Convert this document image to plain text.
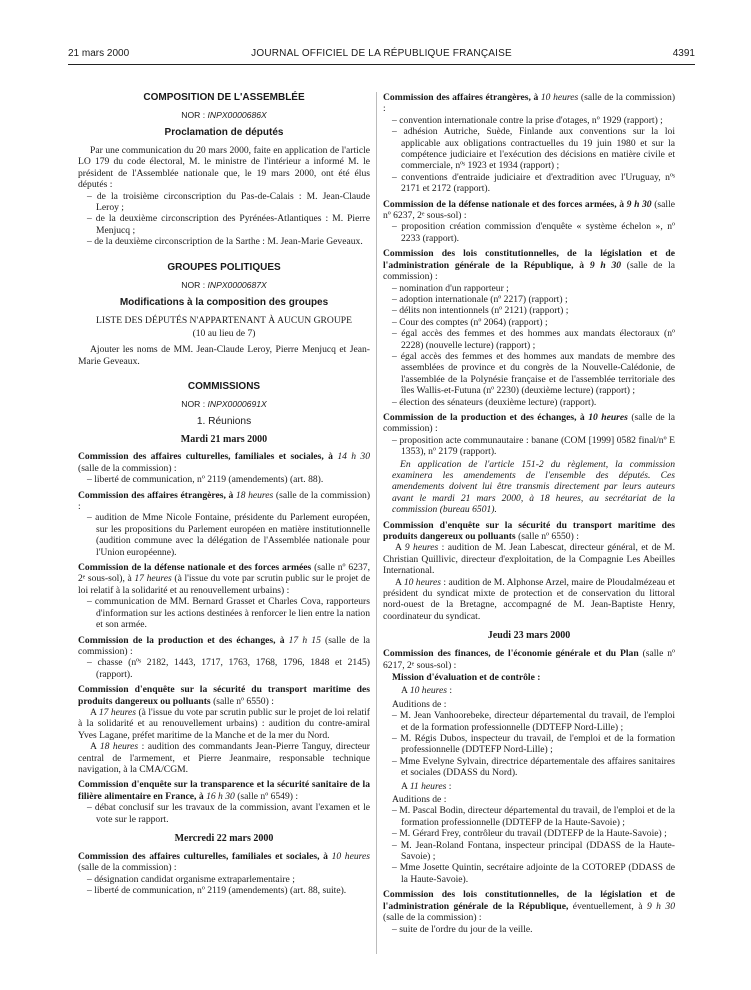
21 mars 2000	JOURNAL OFFICIEL DE LA RÉPUBLIQUE FRANÇAISE	4391

COMPOSITION DE L'ASSEMBLÉE

NOR : INPX0000686X

Proclamation de députés

Par une communication du 20 mars 2000, faite en application de l'article LO 179 du code électoral, M. le ministre de l'intérieur a informé M. le président de l'Assemblée nationale que, le 19 mars 2000, ont été élus députés :

– de la troisième circonscription du Pas-de-Calais : M. Jean-Claude Leroy ;

– de la deuxième circonscription des Pyrénées-Atlantiques : M. Pierre Menjucq ;

– de la deuxième circonscription de la Sarthe : M. Jean-Marie Geveaux.

GROUPES POLITIQUES

NOR : INPX0000687X

Modifications à la composition des groupes

LISTE DES DÉPUTÉS N'APPARTENANT À AUCUN GROUPE

(10 au lieu de 7)

Ajouter les noms de MM. Jean-Claude Leroy, Pierre Menjucq et Jean-Marie Geveaux.

COMMISSIONS

NOR : INPX0000691X

1. Réunions

Mardi 21 mars 2000

Commission des affaires culturelles, familiales et sociales, à 14 h 30 (salle de la commission) :

– liberté de communication, nº 2119 (amendements) (art. 88).

Commission des affaires étrangères, à 18 heures (salle de la commission) :

– audition de Mme Nicole Fontaine, présidente du Parlement européen, sur les propositions du Parlement européen en matière institutionnelle (audition commune avec la délégation de l'Assemblée nationale pour l'Union européenne).

Commission de la défense nationale et des forces armées (salle nº 6237, 2ᵉ sous-sol), à 17 heures (à l'issue du vote par scrutin public sur le projet de loi relatif à la solidarité et au renouvellement urbains) :

– communication de MM. Bernard Grasset et Charles Cova, rapporteurs d'information sur les actions destinées à renforcer le lien entre la nation et son armée.

Commission de la production et des échanges, à 17 h 15 (salle de la commission) :

– chasse (nºˢ 2182, 1443, 1717, 1763, 1768, 1796, 1848 et 2145) (rapport).

Commission d'enquête sur la sécurité du transport maritime des produits dangereux ou polluants (salle nº 6550) :

A 17 heures (à l'issue du vote par scrutin public sur le projet de loi relatif à la solidarité et au renouvellement urbains) : audition du contre-amiral Yves Lagane, préfet maritime de la Manche et de la mer du Nord.

A 18 heures : audition des commandants Jean-Pierre Tanguy, directeur central de l'armement, et Pierre Jeanmaire, responsable technique navigation, à la CMA/CGM.

Commission d'enquête sur la transparence et la sécurité sanitaire de la filière alimentaire en France, à 16 h 30 (salle nº 6549) :

– débat conclusif sur les travaux de la commission, avant l'examen et le vote sur le rapport.

Mercredi 22 mars 2000

Commission des affaires culturelles, familiales et sociales, à 10 heures (salle de la commission) :

– désignation candidat organisme extraparlementaire ;

– liberté de communication, nº 2119 (amendements) (art. 88, suite).

Commission des affaires étrangères, à 10 heures (salle de la commission) :

– convention internationale contre la prise d'otages, nº 1929 (rapport) ;

– adhésion Autriche, Suède, Finlande aux conventions sur la loi applicable aux obligations contractuelles du 19 juin 1980 et sur la compétence judiciaire et l'exécution des décisions en matière civile et commerciale, nºˢ 1923 et 1934 (rapport) ;

– conventions d'entraide judiciaire et d'extradition avec l'Uruguay, nºˢ 2171 et 2172 (rapport).

Commission de la défense nationale et des forces armées, à 9 h 30 (salle nº 6237, 2ᵉ sous-sol) :

– proposition création commission d'enquête « système échelon », nº 2233 (rapport).

Commission des lois constitutionnelles, de la législation et de l'administration générale de la République, à 9 h 30 (salle de la commission) :

– nomination d'un rapporteur ;

– adoption internationale (nº 2217) (rapport) ;

– délits non intentionnels (nº 2121) (rapport) ;

– Cour des comptes (nº 2064) (rapport) ;

– égal accès des femmes et des hommes aux mandats électoraux (nº 2228) (nouvelle lecture) (rapport) ;

– égal accès des femmes et des hommes aux mandats de membre des assemblées de province et du congrès de la Nouvelle-Calédonie, de l'assemblée de la Polynésie française et de l'assemblée territoriale des îles Wallis-et-Futuna (nº 2230) (deuxième lecture) (rapport) ;

– élection des sénateurs (deuxième lecture) (rapport).

Commission de la production et des échanges, à 10 heures (salle de la commission) :

– proposition acte communautaire : banane (COM [1999] 0582 final/nº E 1353), nº 2179 (rapport).

En application de l'article 151-2 du règlement, la commission examinera les amendements de l'ensemble des députés. Ces amendements doivent lui être transmis directement par leurs auteurs avant le mardi 21 mars 2000, à 18 heures, au secrétariat de la commission (bureau 6501).

Commission d'enquête sur la sécurité du transport maritime des produits dangereux ou polluants (salle nº 6550) :

A 9 heures : audition de M. Jean Labescat, directeur général, et de M. Christian Quillivic, directeur d'exploitation, de la Compagnie Les Abeilles International.

A 10 heures : audition de M. Alphonse Arzel, maire de Ploudalmézeau et président du syndicat mixte de protection et de conservation du littoral nord-ouest de la Bretagne, accompagné de M. Jean-Baptiste Henry, coordinateur du syndicat.

Jeudi 23 mars 2000

Commission des finances, de l'économie générale et du Plan (salle nº 6217, 2ᵉ sous-sol) :

Mission d'évaluation et de contrôle :

A 10 heures :

Auditions de :

– M. Jean Vanhoorebeke, directeur départemental du travail, de l'emploi et de la formation professionnelle (DDTEFP Nord-Lille) ;

– M. Régis Dubos, inspecteur du travail, de l'emploi et de la formation professionnelle (DDTEFP Nord-Lille) ;

– Mme Evelyne Sylvain, directrice départementale des affaires sanitaires et sociales (DDASS du Nord).

A 11 heures :

Auditions de :

– M. Pascal Bodin, directeur départemental du travail, de l'emploi et de la formation professionnelle (DDTEFP de la Haute-Savoie) ;

– M. Gérard Frey, contrôleur du travail (DDTEFP de la Haute-Savoie) ;

– M. Jean-Roland Fontana, inspecteur principal (DDASS de la Haute-Savoie) ;

– Mme Josette Quintin, secrétaire adjointe de la COTOREP (DDASS de la Haute-Savoie).

Commission des lois constitutionnelles, de la législation et de l'administration générale de la République, éventuellement, à 9 h 30 (salle de la commission) :

– suite de l'ordre du jour de la veille.
